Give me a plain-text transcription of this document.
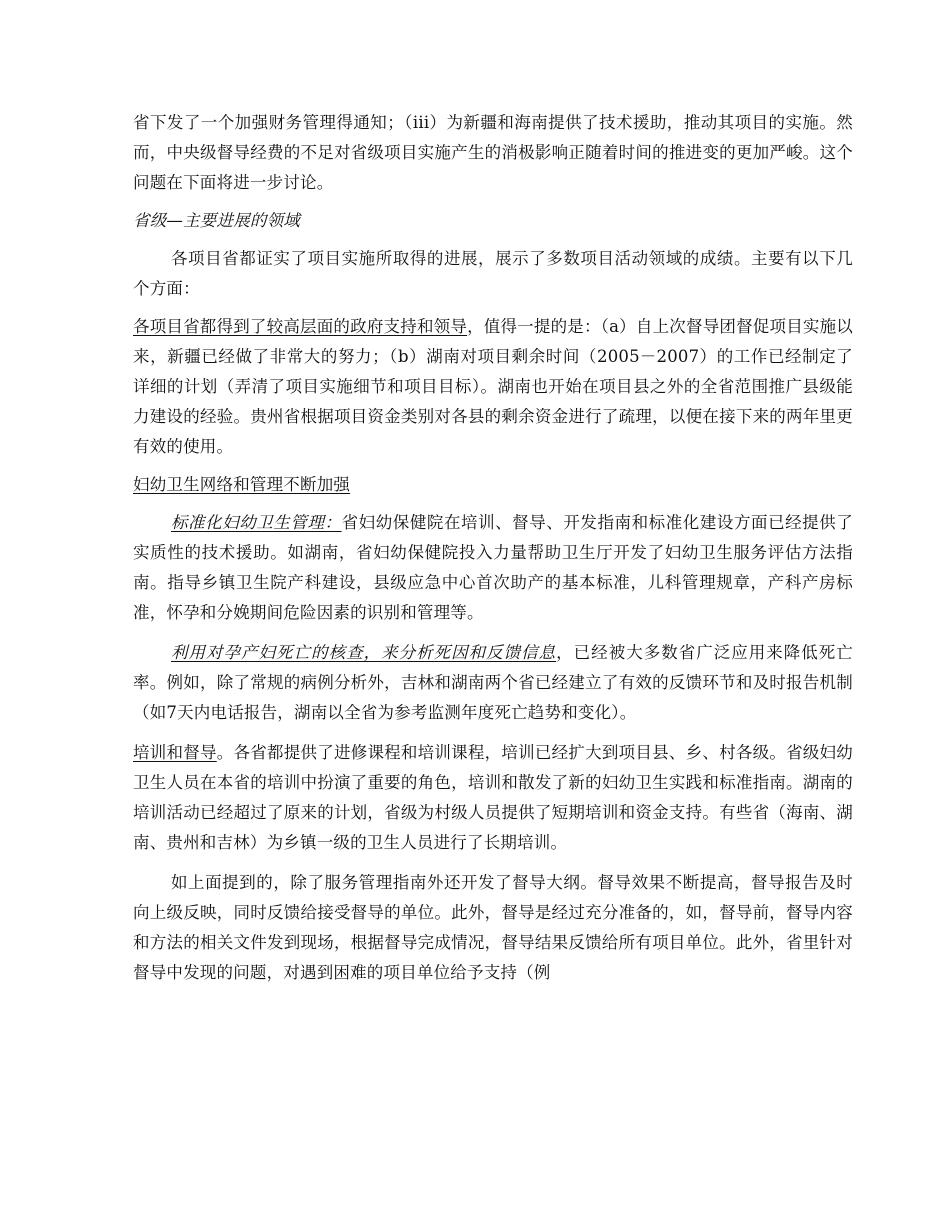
省下发了一个加强财务管理得通知；（iii）为新疆和海南提供了技术援助，推动其项目的实施。然而，中央级督导经费的不足对省级项目实施产生的消极影响正随着时间的推进变的更加严峻。这个问题在下面将进一步讨论。

省级—主要进展的领域

各项目省都证实了项目实施所取得的进展，展示了多数项目活动领域的成绩。主要有以下几个方面：

各项目省都得到了较高层面的政府支持和领导，值得一提的是：（a）自上次督导团督促项目实施以来，新疆已经做了非常大的努力；（b）湖南对项目剩余时间（2005－2007）的工作已经制定了详细的计划（弄清了项目实施细节和项目目标）。湖南也开始在项目县之外的全省范围推广县级能力建设的经验。贵州省根据项目资金类别对各县的剩余资金进行了疏理，以便在接下来的两年里更有效的使用。

妇幼卫生网络和管理不断加强

标准化妇幼卫生管理：省妇幼保健院在培训、督导、开发指南和标准化建设方面已经提供了实质性的技术援助。如湖南，省妇幼保健院投入力量帮助卫生厅开发了妇幼卫生服务评估方法指南。指导乡镇卫生院产科建设，县级应急中心首次助产的基本标准，儿科管理规章，产科产房标准，怀孕和分娩期间危险因素的识别和管理等。

利用对孕产妇死亡的核查，来分析死因和反馈信息，已经被大多数省广泛应用来降低死亡率。例如，除了常规的病例分析外，吉林和湖南两个省已经建立了有效的反馈环节和及时报告机制（如7天内电话报告，湖南以全省为参考监测年度死亡趋势和变化）。

培训和督导。各省都提供了进修课程和培训课程，培训已经扩大到项目县、乡、村各级。省级妇幼卫生人员在本省的培训中扮演了重要的角色，培训和散发了新的妇幼卫生实践和标准指南。湖南的培训活动已经超过了原来的计划，省级为村级人员提供了短期培训和资金支持。有些省（海南、湖南、贵州和吉林）为乡镇一级的卫生人员进行了长期培训。

如上面提到的，除了服务管理指南外还开发了督导大纲。督导效果不断提高，督导报告及时向上级反映，同时反馈给接受督导的单位。此外，督导是经过充分准备的，如，督导前，督导内容和方法的相关文件发到现场，根据督导完成情况，督导结果反馈给所有项目单位。此外，省里针对督导中发现的问题，对遇到困难的项目单位给予支持（例
